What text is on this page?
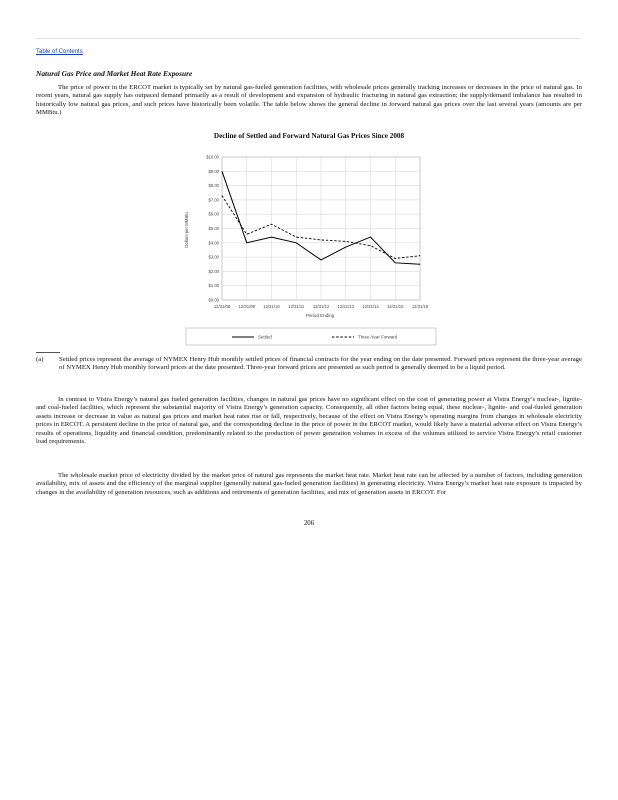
Table of Contents
Natural Gas Price and Market Heat Rate Exposure

The price of power in the ERCOT market is typically set by natural gas-fueled generation facilities, with wholesale prices generally tracking increases or decreases in the price of natural gas. In recent years, natural gas supply has outpaced demand primarily as a result of development and expansion of hydraulic fracturing in natural gas extraction; the supply/demand imbalance has resulted in historically low natural gas prices, and such prices have historically been volatile. The table below shows the general decline in forward natural gas prices over the last several years (amounts are per MMBtu.)

Decline of Settled and Forward Natural Gas Prices Since 2008
$0.00
$1.00
$2.00
$3.00
$4.00
$5.00
$6.00
$7.00
$8.00
$9.00
$10.00
12/31/08 12/31/09 12/31/10 12/31/11 12/31/12 12/31/13 12/31/14 12/31/15 12/31/16
Dollars per MMBtu
Period Ending
Settled	Three-Year Forward
(a) Settled prices represent the average of NYMEX Henry Hub monthly settled prices of financial contracts for the year ending on the date presented. Forward prices represent the three-year average of NYMEX Henry Hub monthly forward prices at the date presented. Three-year forward prices are presented as such period is generally deemed to be a liquid period.

In contrast to Vistra Energy’s natural gas fueled generation facilities, changes in natural gas prices have no significant effect on the cost of generating power at Vistra Energy’s nuclear-, lignite- and coal-fueled facilities, which represent the substantial majority of Vistra Energy’s generation capacity. Consequently, all other factors being equal, these nuclear-, lignite- and coal-fueled generation assets increase or decrease in value as natural gas prices and market heat rates rise or fall, respectively, because of the effect on Vistra Energy’s operating margins from changes in wholesale electricity prices in ERCOT. A persistent decline in the price of natural gas, and the corresponding decline in the price of power in the ERCOT market, would likely have a material adverse effect on Vistra Energy’s results of operations, liquidity and financial condition, predominantly related to the production of power generation volumes in excess of the volumes utilized to service Vistra Energy’s retail customer load requirements.

The wholesale market price of electricity divided by the market price of natural gas represents the market heat rate. Market heat rate can be affected by a number of factors, including generation availability, mix of assets and the efficiency of the marginal supplier (generally natural gas-fueled generation facilities) in generating electricity. Vistra Energy’s market heat rate exposure is impacted by changes in the availability of generation resources, such as additions and retirements of generation facilities, and mix of generation assets in ERCOT. For

206
